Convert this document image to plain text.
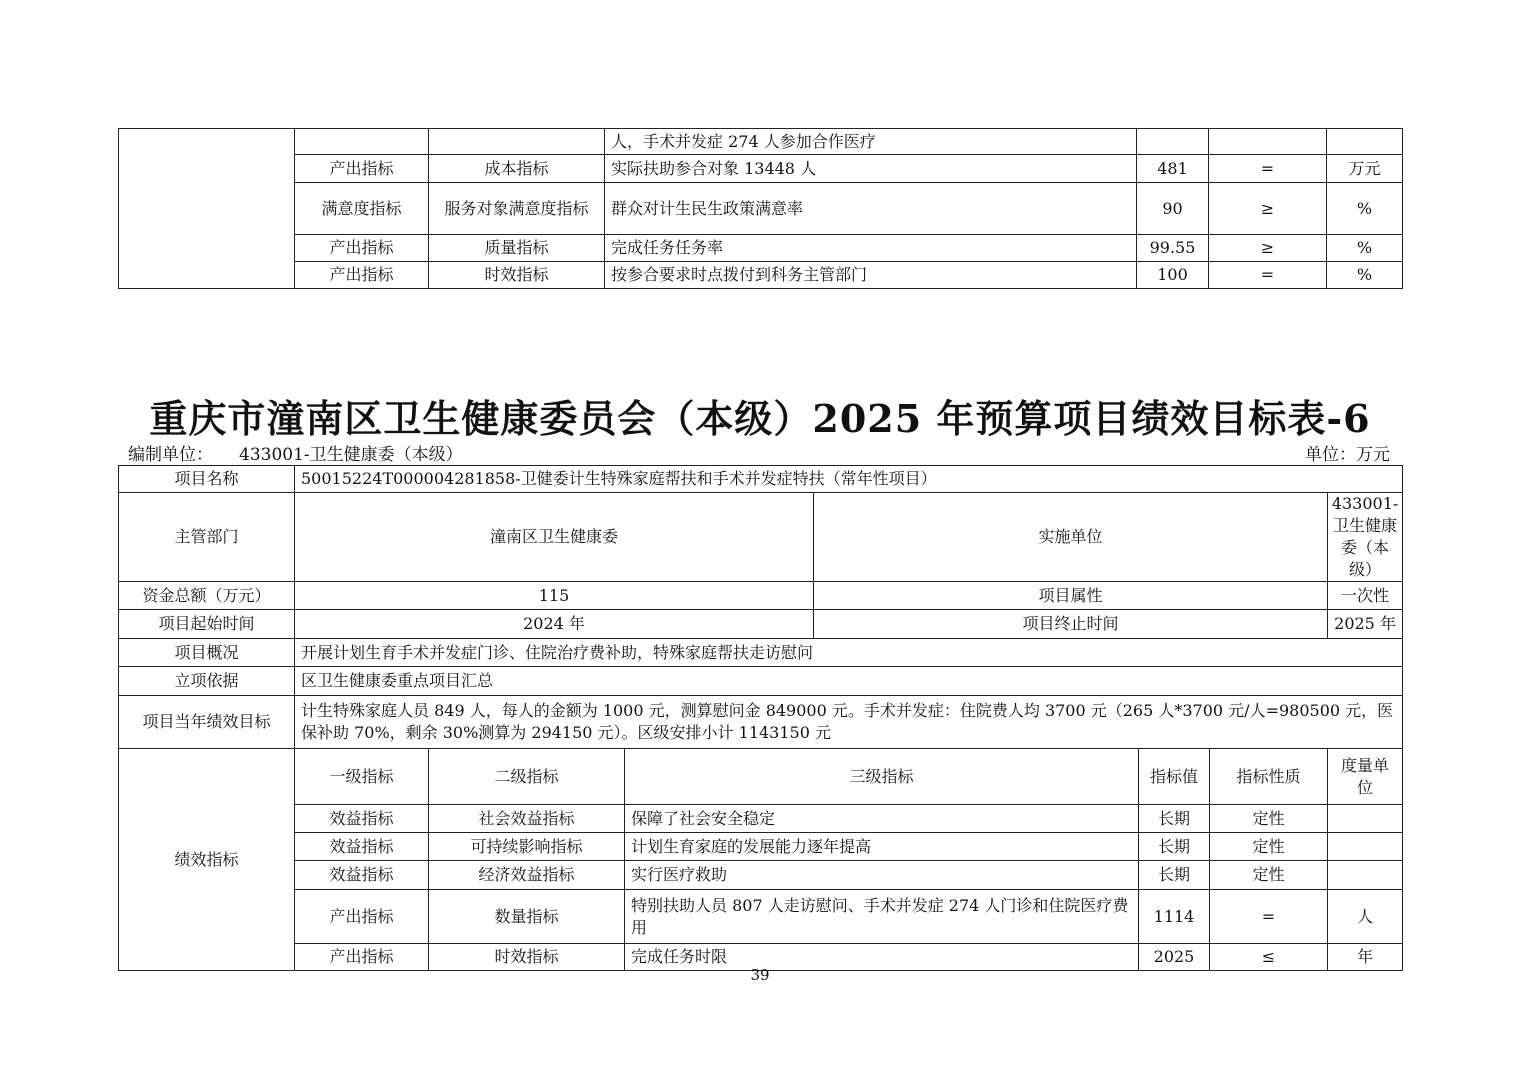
			人，手术并发症 274 人参加合作医疗			
	产出指标	成本指标	实际扶助参合对象 13448 人	481	=	万元
	满意度指标	服务对象满意度指标	群众对计生民生政策满意率	90	≥	%
	产出指标	质量指标	完成任务任务率	99.55	≥	%
	产出指标	时效指标	按参合要求时点拨付到科务主管部门	100	=	%
重庆市潼南区卫生健康委员会（本级）2025 年预算项目绩效目标表-6
编制单位： 433001-卫生健康委（本级）	单位：万元
项目名称	50015224T000004281858-卫健委计生特殊家庭帮扶和手术并发症特扶（常年性项目）						
主管部门	潼南区卫生健康委			实施单位			433001-卫生健康委（本级）
资金总额（万元）	115			项目属性			一次性
项目起始时间	2024 年			项目终止时间			2025 年
项目概况	开展计划生育手术并发症门诊、住院治疗费补助，特殊家庭帮扶走访慰问						
立项依据	区卫生健康委重点项目汇总						
项目当年绩效目标	计生特殊家庭人员 849 人，每人的金额为 1000 元，测算慰问金 849000 元。手术并发症：住院费人均 3700 元（265 人*3700 元/人=980500 元，医保补助 70%，剩余 30%测算为 294150 元）。区级安排小计 1143150 元						
绩效指标	一级指标	二级指标	三级指标		指标值	指标性质	度量单位
	效益指标	社会效益指标	保障了社会安全稳定		长期	定性	
	效益指标	可持续影响指标	计划生育家庭的发展能力逐年提高		长期	定性	
	效益指标	经济效益指标	实行医疗救助		长期	定性	
	产出指标	数量指标	特别扶助人员 807 人走访慰问、手术并发症 274 人门诊和住院医疗费用		1114	=	人
	产出指标	时效指标	完成任务时限		2025	≤	年
39
